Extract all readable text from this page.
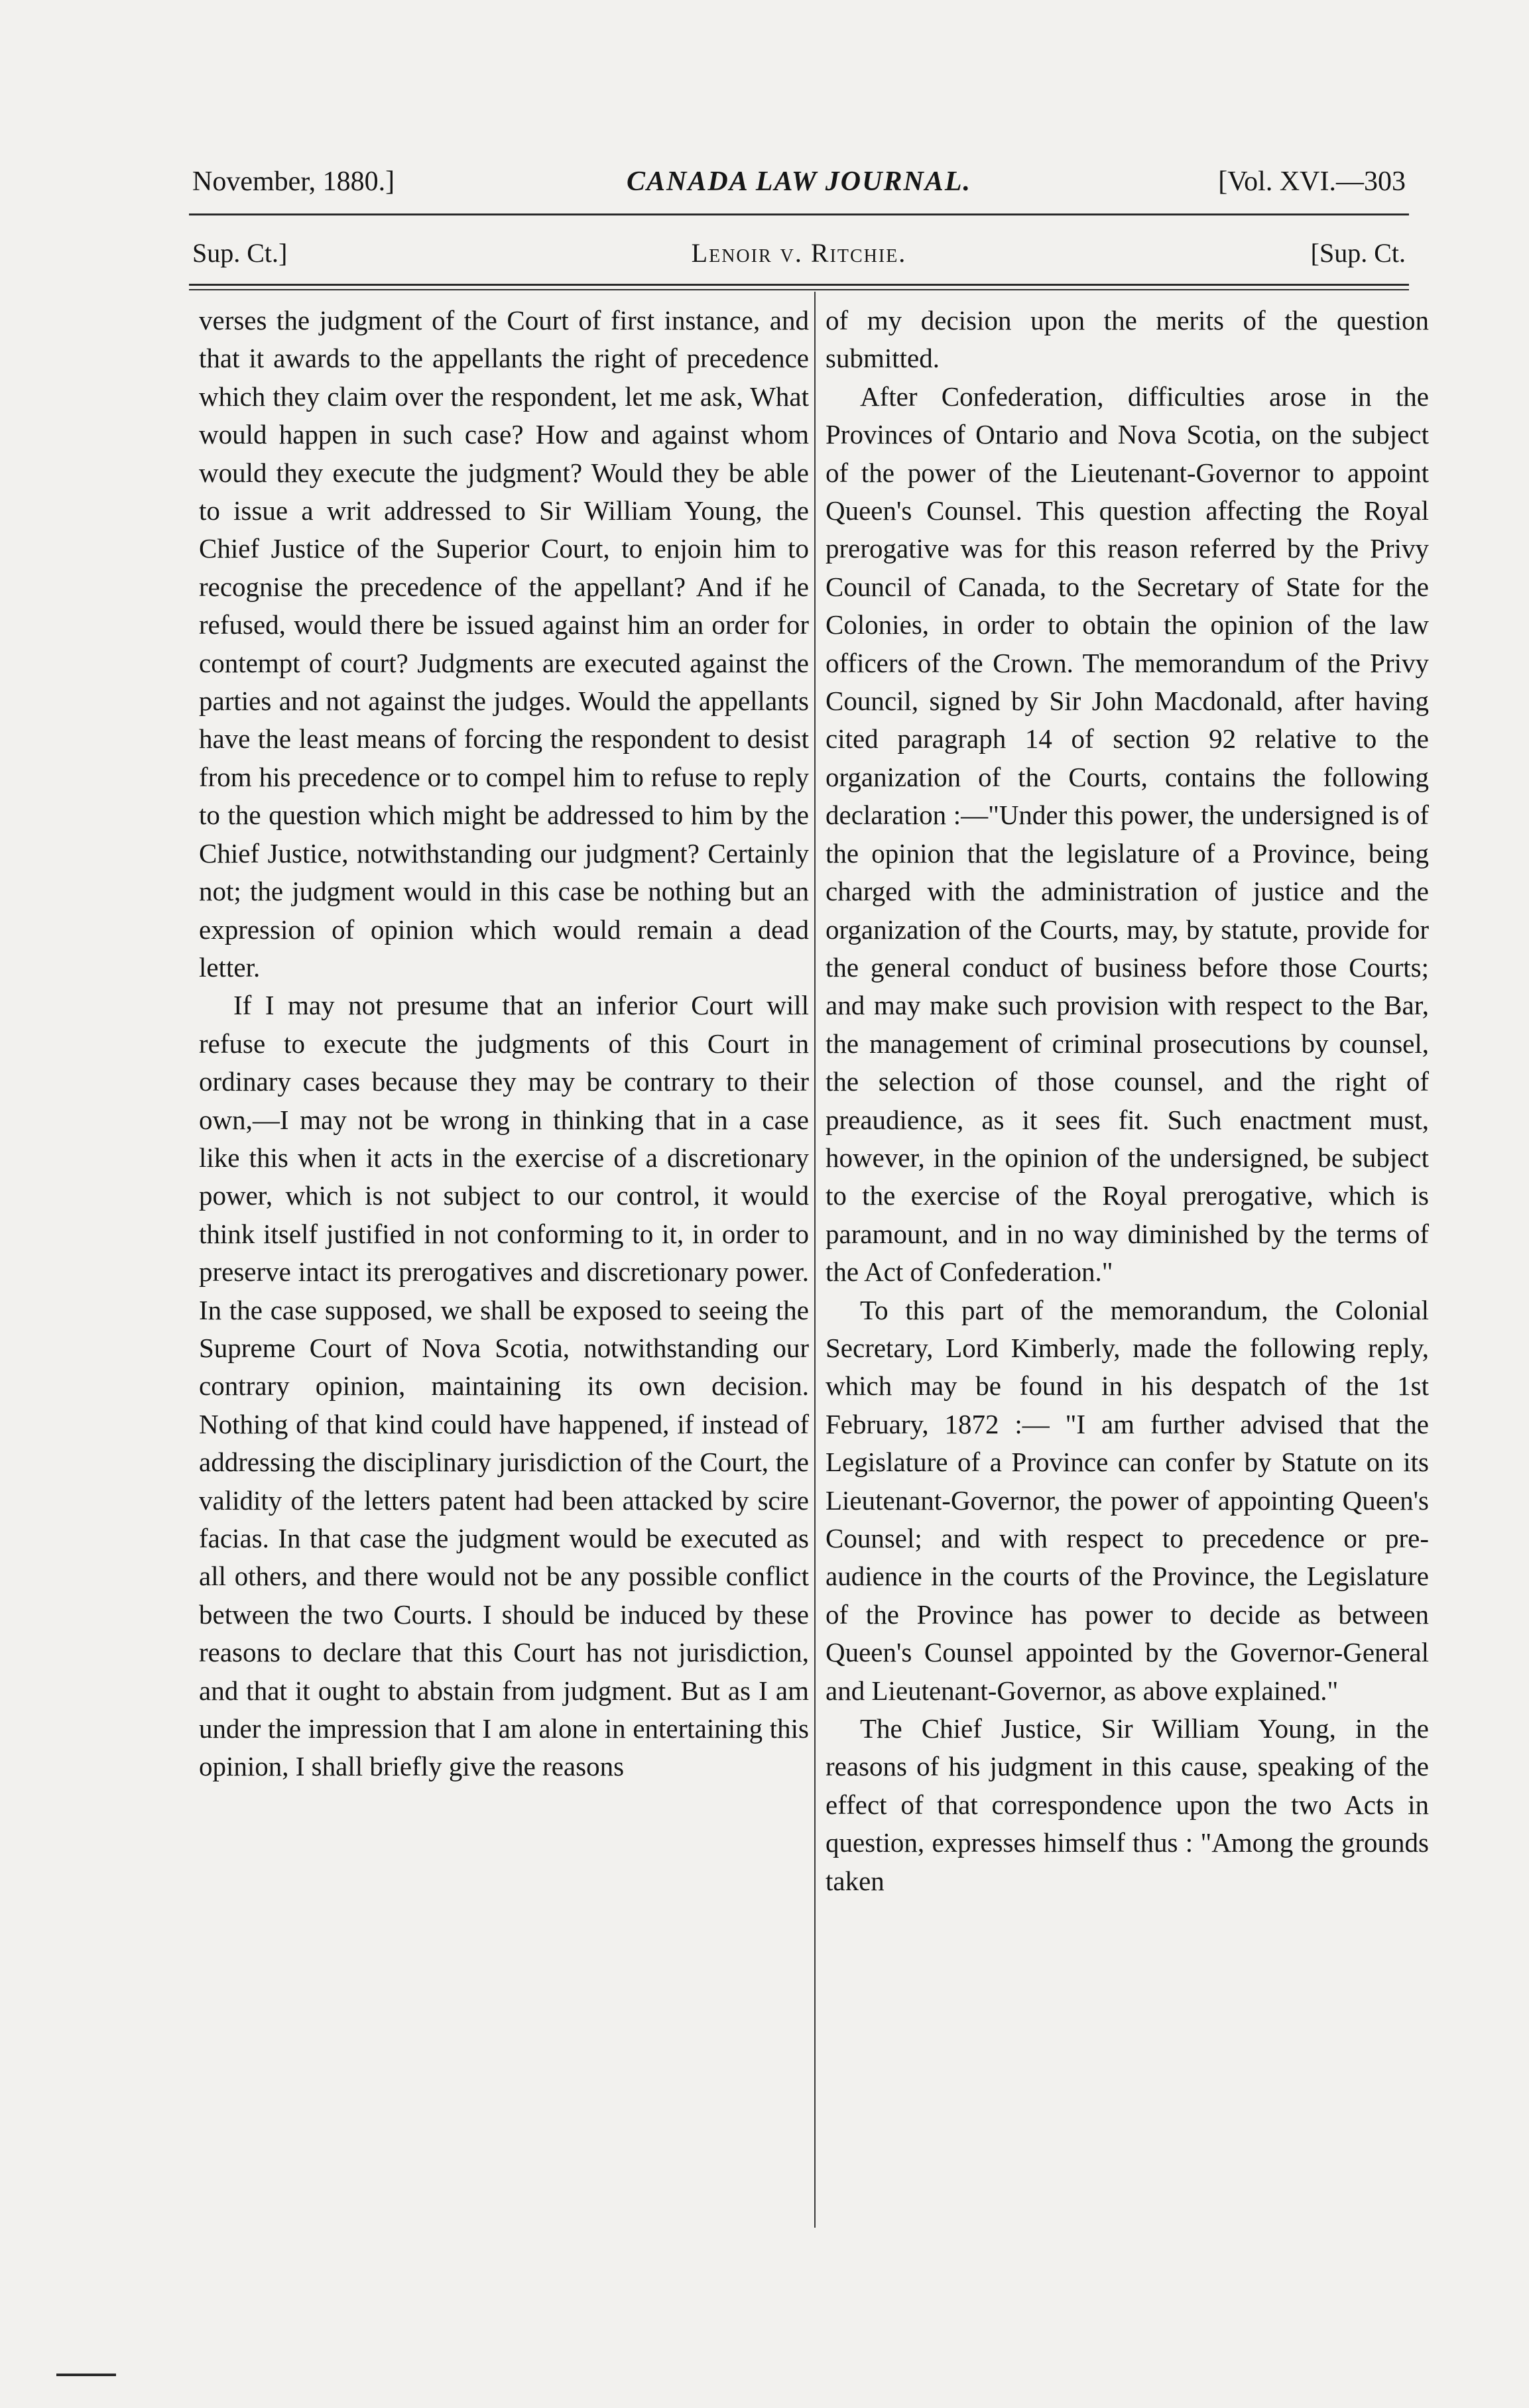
November, 1880.]	CANADA LAW JOURNAL.	[Vol. XVI.—303
Sup. Ct.]	Lenoir v. Ritchie.	[Sup. Ct.

verses the judgment of the Court of first instance, and that it awards to the appellants the right of precedence which they claim over the respondent, let me ask, What would happen in such case? How and against whom would they execute the judgment? Would they be able to issue a writ addressed to Sir William Young, the Chief Justice of the Superior Court, to enjoin him to recognise the precedence of the appellant? And if he refused, would there be issued against him an order for contempt of court? Judgments are executed against the parties and not against the judges. Would the appellants have the least means of forcing the respondent to desist from his precedence or to compel him to refuse to reply to the question which might be addressed to him by the Chief Justice, notwithstanding our judgment? Certainly not; the judgment would in this case be nothing but an expression of opinion which would remain a dead letter.

If I may not presume that an inferior Court will refuse to execute the judgments of this Court in ordinary cases because they may be contrary to their own,—I may not be wrong in thinking that in a case like this when it acts in the exercise of a discretionary power, which is not subject to our control, it would think itself justified in not conforming to it, in order to preserve intact its prerogatives and discretionary power. In the case supposed, we shall be exposed to seeing the Supreme Court of Nova Scotia, notwithstanding our contrary opinion, maintaining its own decision. Nothing of that kind could have happened, if instead of addressing the disciplinary jurisdiction of the Court, the validity of the letters patent had been attacked by scire facias. In that case the judgment would be executed as all others, and there would not be any possible conflict between the two Courts. I should be induced by these reasons to declare that this Court has not jurisdiction, and that it ought to abstain from judgment. But as I am under the impression that I am alone in entertaining this opinion, I shall briefly give the reasons

of my decision upon the merits of the question submitted.

After Confederation, difficulties arose in the Provinces of Ontario and Nova Scotia, on the subject of the power of the Lieutenant-Governor to appoint Queen's Counsel. This question affecting the Royal prerogative was for this reason referred by the Privy Council of Canada, to the Secretary of State for the Colonies, in order to obtain the opinion of the law officers of the Crown. The memorandum of the Privy Council, signed by Sir John Macdonald, after having cited paragraph 14 of section 92 relative to the organization of the Courts, contains the following declaration :—"Under this power, the undersigned is of the opinion that the legislature of a Province, being charged with the administration of justice and the organization of the Courts, may, by statute, provide for the general conduct of business before those Courts; and may make such provision with respect to the Bar, the management of criminal prosecutions by counsel, the selection of those counsel, and the right of preaudience, as it sees fit. Such enactment must, however, in the opinion of the undersigned, be subject to the exercise of the Royal prerogative, which is paramount, and in no way diminished by the terms of the Act of Confederation."

To this part of the memorandum, the Colonial Secretary, Lord Kimberly, made the following reply, which may be found in his despatch of the 1st February, 1872 :— "I am further advised that the Legislature of a Province can confer by Statute on its Lieutenant-Governor, the power of appointing Queen's Counsel; and with respect to precedence or pre-audience in the courts of the Province, the Legislature of the Province has power to decide as between Queen's Counsel appointed by the Governor-General and Lieutenant-Governor, as above explained."

The Chief Justice, Sir William Young, in the reasons of his judgment in this cause, speaking of the effect of that correspondence upon the two Acts in question, expresses himself thus : "Among the grounds taken
